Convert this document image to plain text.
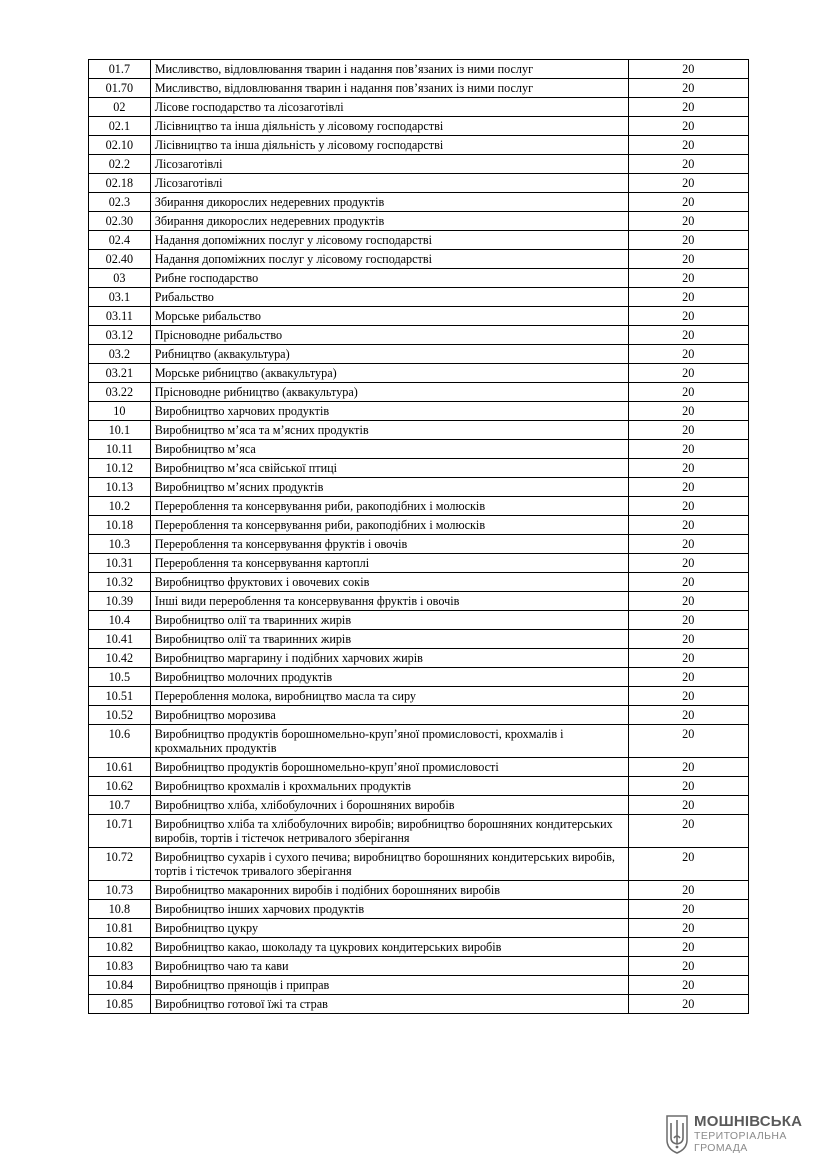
01.7	Мисливство, відловлювання тварин і надання пов’язаних із ними послуг	20
01.70	Мисливство, відловлювання тварин і надання пов’язаних із ними послуг	20
02	Лісове господарство та лісозаготівлі	20
02.1	Лісівництво та інша діяльність у лісовому господарстві	20
02.10	Лісівництво та інша діяльність у лісовому господарстві	20
02.2	Лісозаготівлі	20
02.18	Лісозаготівлі	20
02.3	Збирання дикорослих недеревних продуктів	20
02.30	Збирання дикорослих недеревних продуктів	20
02.4	Надання допоміжних послуг у лісовому господарстві	20
02.40	Надання допоміжних послуг у лісовому господарстві	20
03	Рибне господарство	20
03.1	Рибальство	20
03.11	Морське рибальство	20
03.12	Прісноводне рибальство	20
03.2	Рибництво (аквакультура)	20
03.21	Морське рибництво (аквакультура)	20
03.22	Прісноводне рибництво (аквакультура)	20
10	Виробництво харчових продуктів	20
10.1	Виробництво м’яса та м’ясних продуктів	20
10.11	Виробництво м’яса	20
10.12	Виробництво м’яса свійської птиці	20
10.13	Виробництво м’ясних продуктів	20
10.2	Перероблення та консервування риби, ракоподібних і молюсків	20
10.18	Перероблення та консервування риби, ракоподібних і молюсків	20
10.3	Перероблення та консервування фруктів і овочів	20
10.31	Перероблення та консервування картоплі	20
10.32	Виробництво фруктових і овочевих соків	20
10.39	Інші види перероблення та консервування фруктів і овочів	20
10.4	Виробництво олії та тваринних жирів	20
10.41	Виробництво олії та тваринних жирів	20
10.42	Виробництво маргарину і подібних харчових жирів	20
10.5	Виробництво молочних продуктів	20
10.51	Перероблення молока, виробництво масла та сиру	20
10.52	Виробництво морозива	20
10.6	Виробництво продуктів борошномельно-круп’яної промисловості, крохмалів і крохмальних продуктів	20
10.61	Виробництво продуктів борошномельно-круп’яної промисловості	20
10.62	Виробництво крохмалів і крохмальних продуктів	20
10.7	Виробництво хліба, хлібобулочних і борошняних виробів	20
10.71	Виробництво хліба та хлібобулочних виробів; виробництво борошняних кондитерських виробів, тортів і тістечок нетривалого зберігання	20
10.72	Виробництво сухарів і сухого печива; виробництво борошняних кондитерських виробів, тортів і тістечок тривалого зберігання	20
10.73	Виробництво макаронних виробів і подібних борошняних виробів	20
10.8	Виробництво інших харчових продуктів	20
10.81	Виробництво цукру	20
10.82	Виробництво какао, шоколаду та цукрових кондитерських виробів	20
10.83	Виробництво чаю та кави	20
10.84	Виробництво прянощів і приправ	20
10.85	Виробництво готової їжі та страв	20
МОШНІВСЬКА
ТЕРИТОРІАЛЬНА
ГРОМАДА
